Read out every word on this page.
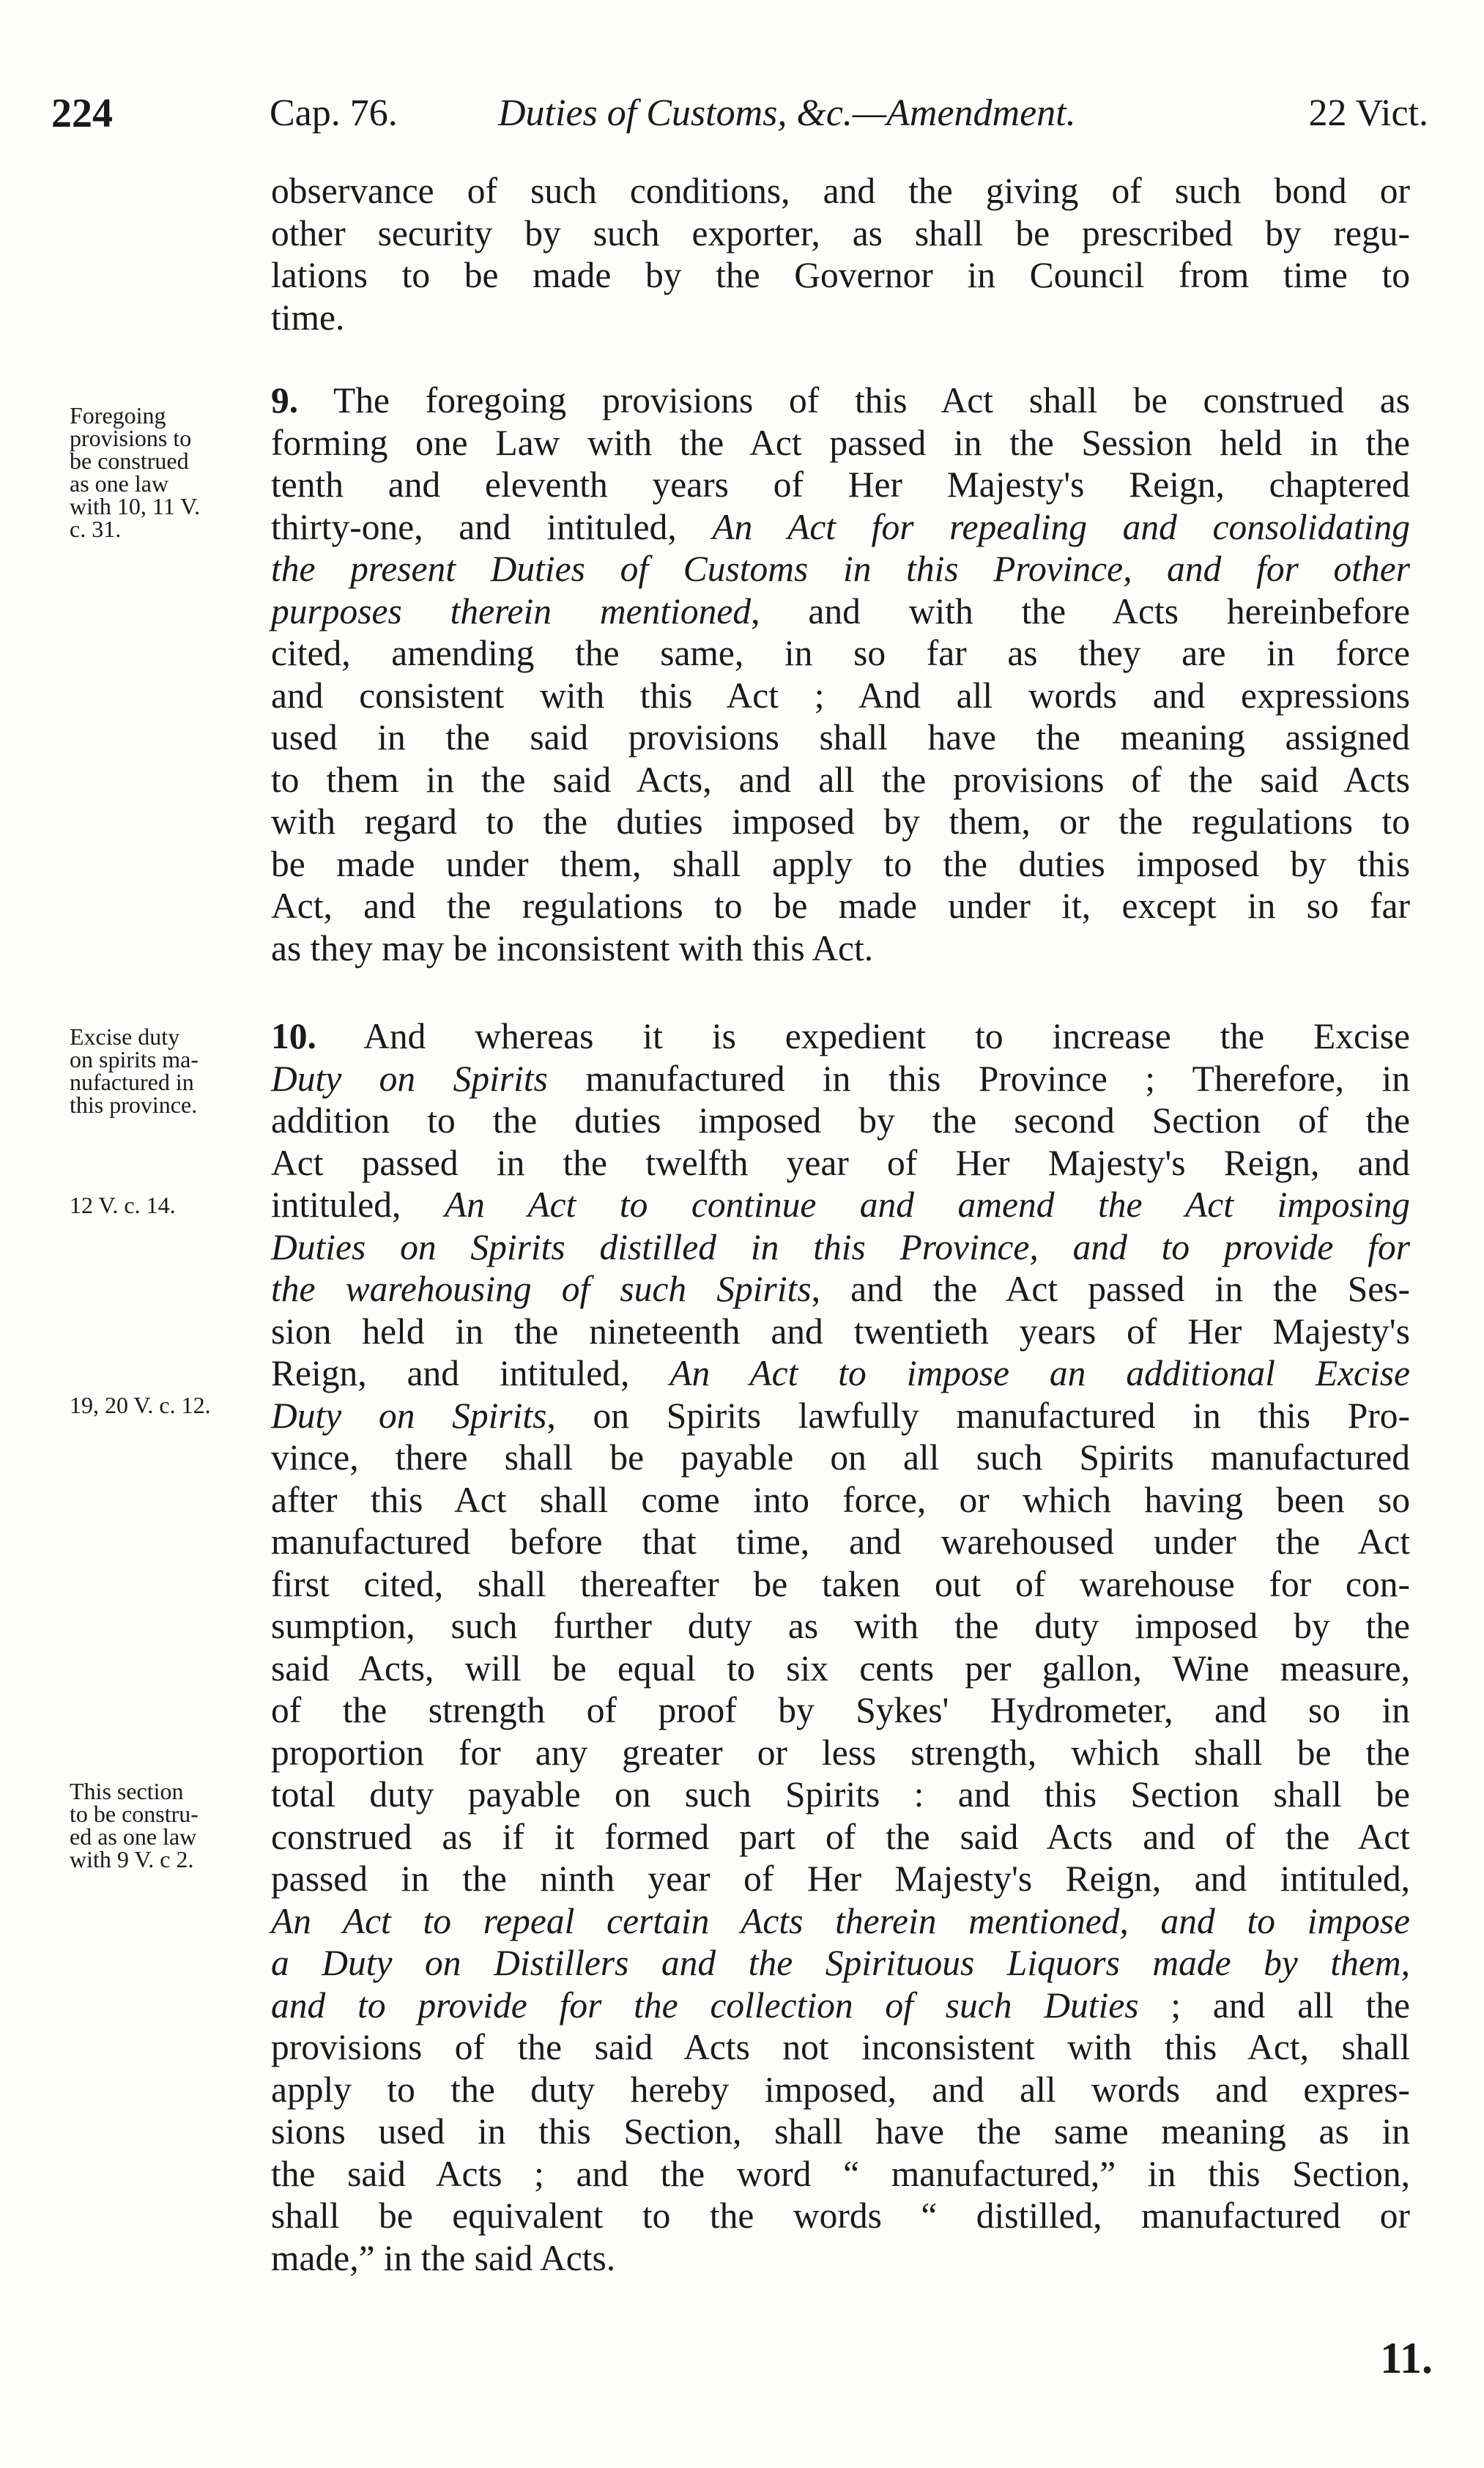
224	Cap. 76.	Duties of Customs, &c.—Amendment.	22 Vict.
observance of such conditions, and the giving of such bond or
other security by such exporter, as shall be prescribed by regu-
lations to be made by the Governor in Council from time to
time.
Foregoing
provisions to
be construed
as one law
with 10, 11 V.
c. 31.
9. The foregoing provisions of this Act shall be construed as
forming one Law with the Act passed in the Session held in the
tenth and eleventh years of Her Majesty's Reign, chaptered
thirty-one, and intituled, An Act for repealing and consolidating
the present Duties of Customs in this Province, and for other
purposes therein mentioned, and with the Acts hereinbefore
cited, amending the same, in so far as they are in force
and consistent with this Act ; And all words and expressions
used in the said provisions shall have the meaning assigned
to them in the said Acts, and all the provisions of the said Acts
with regard to the duties imposed by them, or the regulations to
be made under them, shall apply to the duties imposed by this
Act, and the regulations to be made under it, except in so far
as they may be inconsistent with this Act.
Excise duty
on spirits ma-
nufactured in
this province.
12 V. c. 14.
19, 20 V. c. 12.
This section
to be constru-
ed as one law
with 9 V. c 2.
10. And whereas it is expedient to increase the Excise
Duty on Spirits manufactured in this Province ; Therefore, in
addition to the duties imposed by the second Section of the
Act passed in the twelfth year of Her Majesty's Reign, and
intituled, An Act to continue and amend the Act imposing
Duties on Spirits distilled in this Province, and to provide for
the warehousing of such Spirits, and the Act passed in the Ses-
sion held in the nineteenth and twentieth years of Her Majesty's
Reign, and intituled, An Act to impose an additional Excise
Duty on Spirits, on Spirits lawfully manufactured in this Pro-
vince, there shall be payable on all such Spirits manufactured
after this Act shall come into force, or which having been so
manufactured before that time, and warehoused under the Act
first cited, shall thereafter be taken out of warehouse for con-
sumption, such further duty as with the duty imposed by the
said Acts, will be equal to six cents per gallon, Wine measure,
of the strength of proof by Sykes' Hydrometer, and so in
proportion for any greater or less strength, which shall be the
total duty payable on such Spirits : and this Section shall be
construed as if it formed part of the said Acts and of the Act
passed in the ninth year of Her Majesty's Reign, and intituled,
An Act to repeal certain Acts therein mentioned, and to impose
a Duty on Distillers and the Spirituous Liquors made by them,
and to provide for the collection of such Duties ; and all the
provisions of the said Acts not inconsistent with this Act, shall
apply to the duty hereby imposed, and all words and expres-
sions used in this Section, shall have the same meaning as in
the said Acts ; and the word “ manufactured,” in this Section,
shall be equivalent to the words “ distilled, manufactured or
made,” in the said Acts.
11.
